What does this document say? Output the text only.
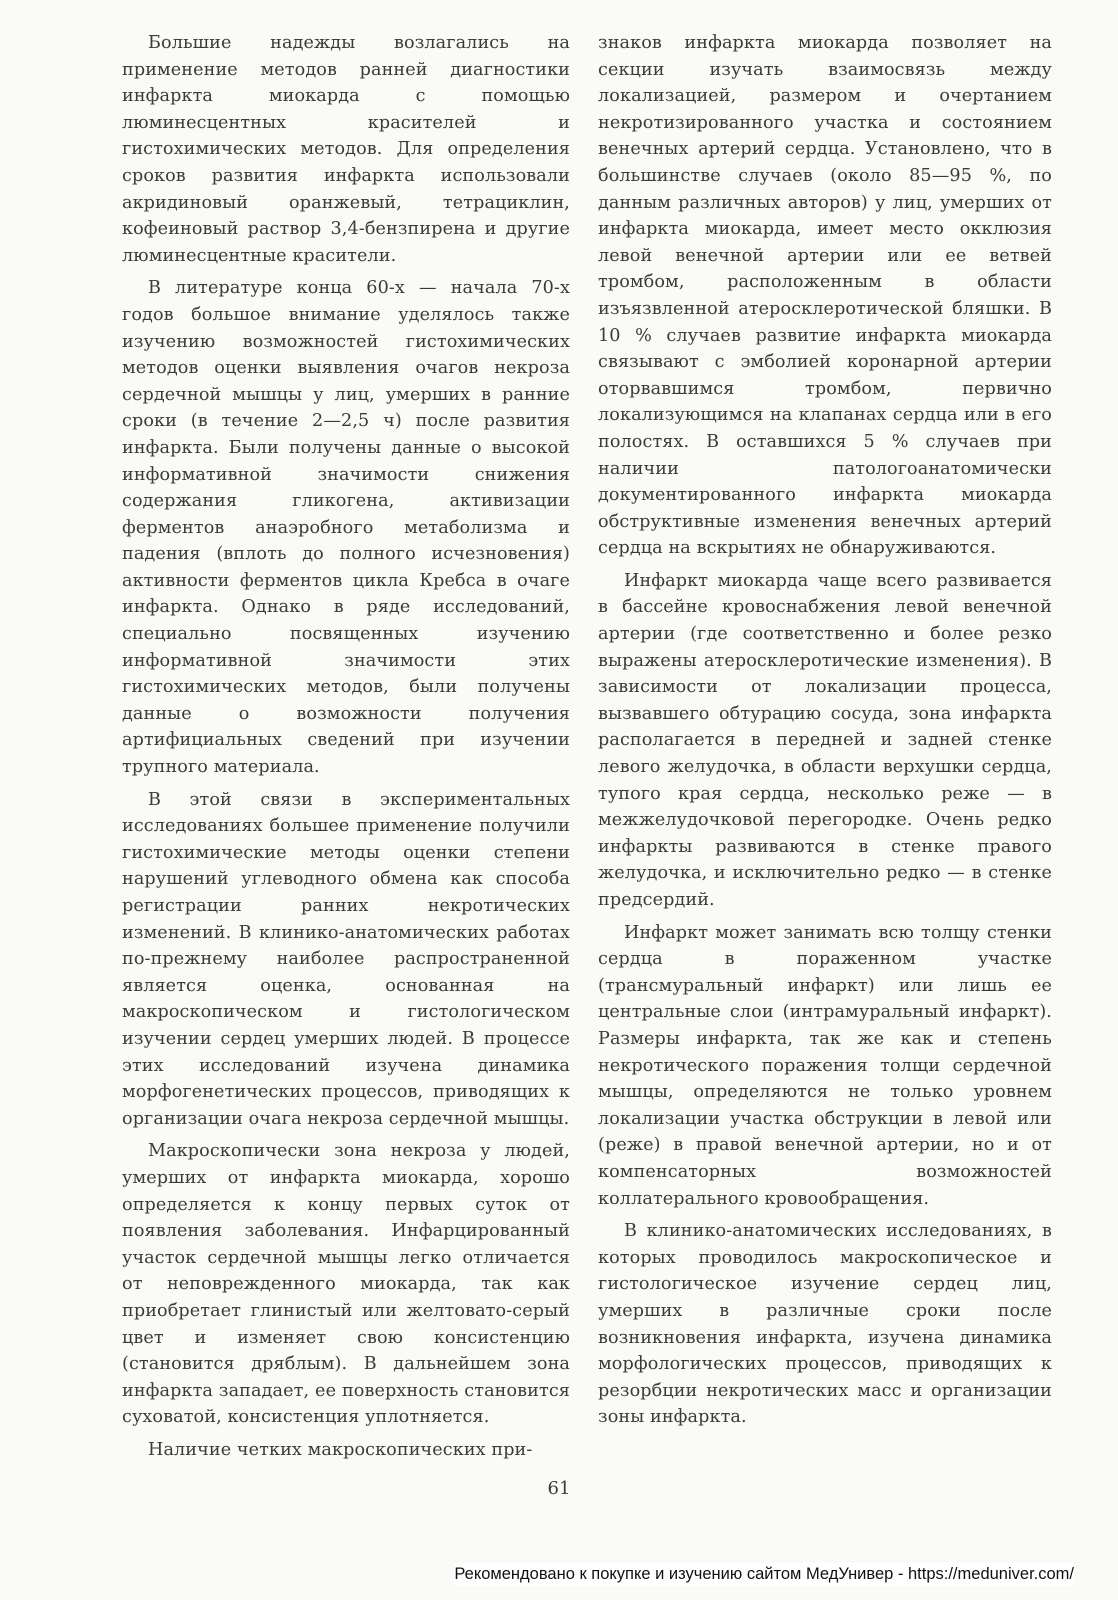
Большие надежды возлагались на применение методов ранней диагностики инфаркта миокарда с помощью люминесцентных красителей и гистохимических методов. Для определения сроков развития инфаркта использовали акридиновый оранжевый, тетрациклин, кофеиновый раствор 3,4-бензпирена и другие люминесцентные красители.

В литературе конца 60-х — начала 70-х годов большое внимание уделялось также изучению возможностей гистохимических методов оценки выявления очагов некроза сердечной мышцы у лиц, умерших в ранние сроки (в течение 2—2,5 ч) после развития инфаркта. Были получены данные о высокой информативной значимости снижения содержания гликогена, активизации ферментов анаэробного метаболизма и падения (вплоть до полного исчезновения) активности ферментов цикла Кребса в очаге инфаркта. Однако в ряде исследований, специально посвященных изучению информативной значимости этих гистохимических методов, были получены данные о возможности получения артифициальных сведений при изучении трупного материала.

В этой связи в экспериментальных исследованиях большее применение получили гистохимические методы оценки степени нарушений углеводного обмена как способа регистрации ранних некротических изменений. В клинико-анатомических работах по-прежнему наиболее распространенной является оценка, основанная на макроскопическом и гистологическом изучении сердец умерших людей. В процессе этих исследований изучена динамика морфогенетических процессов, приводящих к организации очага некроза сердечной мышцы.

Макроскопически зона некроза у людей, умерших от инфаркта миокарда, хорошо определяется к концу первых суток от появления заболевания. Инфарцированный участок сердечной мышцы легко отличается от неповрежденного миокарда, так как приобретает глинистый или желтовато-серый цвет и изменяет свою консистенцию (становится дряблым). В дальнейшем зона инфаркта западает, ее поверхность становится суховатой, консистенция уплотняется.

Наличие четких макроскопических при-

знаков инфаркта миокарда позволяет на секции изучать взаимосвязь между локализацией, размером и очертанием некротизированного участка и состоянием венечных артерий сердца. Установлено, что в большинстве случаев (около 85—95 %, по данным различных авторов) у лиц, умерших от инфаркта миокарда, имеет место окклюзия левой венечной артерии или ее ветвей тромбом, расположенным в области изъязвленной атеросклеротической бляшки. В 10 % случаев развитие инфаркта миокарда связывают с эмболией коронарной артерии оторвавшимся тромбом, первично локализующимся на клапанах сердца или в его полостях. В оставшихся 5 % случаев при наличии патологоанатомически документированного инфаркта миокарда обструктивные изменения венечных артерий сердца на вскрытиях не обнаруживаются.

Инфаркт миокарда чаще всего развивается в бассейне кровоснабжения левой венечной артерии (где соответственно и более резко выражены атеросклеротические изменения). В зависимости от локализации процесса, вызвавшего обтурацию сосуда, зона инфаркта располагается в передней и задней стенке левого желудочка, в области верхушки сердца, тупого края сердца, несколько реже — в межжелудочковой перегородке. Очень редко инфаркты развиваются в стенке правого желудочка, и исключительно редко — в стенке предсердий.

Инфаркт может занимать всю толщу стенки сердца в пораженном участке (трансмуральный инфаркт) или лишь ее центральные слои (интрамуральный инфаркт). Размеры инфаркта, так же как и степень некротического поражения толщи сердечной мышцы, определяются не только уровнем локализации участка обструкции в левой или (реже) в правой венечной артерии, но и от компенсаторных возможностей коллатерального кровообращения.

В клинико-анатомических исследованиях, в которых проводилось макроскопическое и гистологическое изучение сердец лиц, умерших в различные сроки после возникновения инфаркта, изучена динамика морфологических процессов, приводящих к резорбции некротических масс и организации зоны инфаркта.

61
Рекомендовано к покупке и изучению сайтом МедУнивер - https://meduniver.com/
